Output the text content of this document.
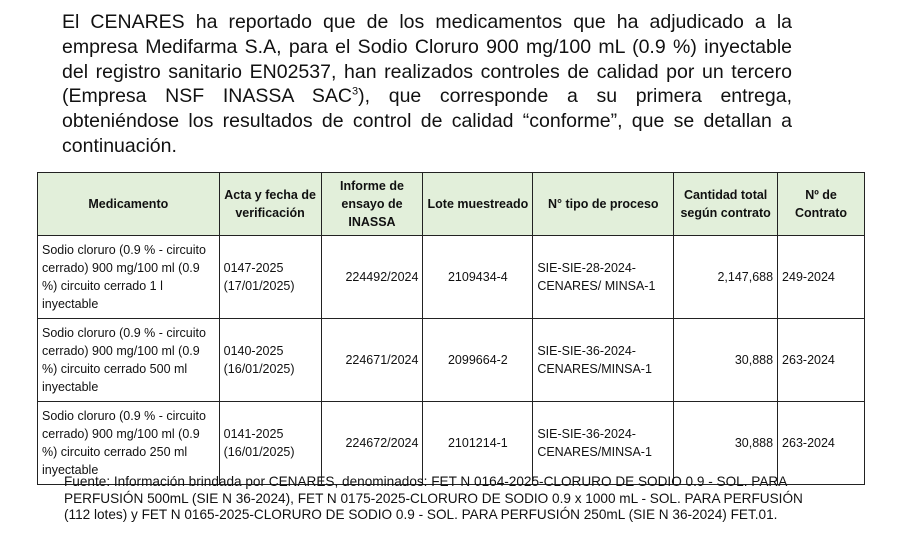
El CENARES ha reportado que de los medicamentos que ha adjudicado a la empresa Medifarma S.A, para el Sodio Cloruro 900 mg/100 mL (0.9 %) inyectable del registro sanitario EN02537, han realizados controles de calidad por un tercero (Empresa NSF INASSA SAC$^3$), que corresponde a su primera entrega, obteniéndose los resultados de control de calidad “conforme”, que se detallan a continuación.

Medicamento	Acta y fecha de verificación	Informe de ensayo de INASSA	Lote muestreado	N° tipo de proceso	Cantidad total según contrato	Nº de Contrato
Sodio cloruro (0.9 % - circuito cerrado) 900 mg/100 ml (0.9 %) circuito cerrado 1 l inyectable	0147-2025 (17/01/2025)	224492/2024	2109434-4	SIE-SIE-28-2024-CENARES/ MINSA-1	2,147,688	249-2024
Sodio cloruro (0.9 % - circuito cerrado) 900 mg/100 ml (0.9 %) circuito cerrado 500 ml inyectable	0140-2025 (16/01/2025)	224671/2024	2099664-2	SIE-SIE-36-2024-CENARES/MINSA-1	30,888	263-2024
Sodio cloruro (0.9 % - circuito cerrado) 900 mg/100 ml (0.9 %) circuito cerrado 250 ml inyectable	0141-2025 (16/01/2025)	224672/2024	2101214-1	SIE-SIE-36-2024-CENARES/MINSA-1	30,888	263-2024

Fuente: Información brindada por CENARES, denominados: FET N 0164-2025-CLORURO DE SODIO 0.9 - SOL. PARA PERFUSIÓN 500mL (SIE N 36-2024), FET N 0175-2025-CLORURO DE SODIO 0.9 x 1000 mL - SOL. PARA PERFUSIÓN (112 lotes) y FET N 0165-2025-CLORURO DE SODIO 0.9 - SOL. PARA PERFUSIÓN 250mL (SIE N 36-2024) FET.01.
